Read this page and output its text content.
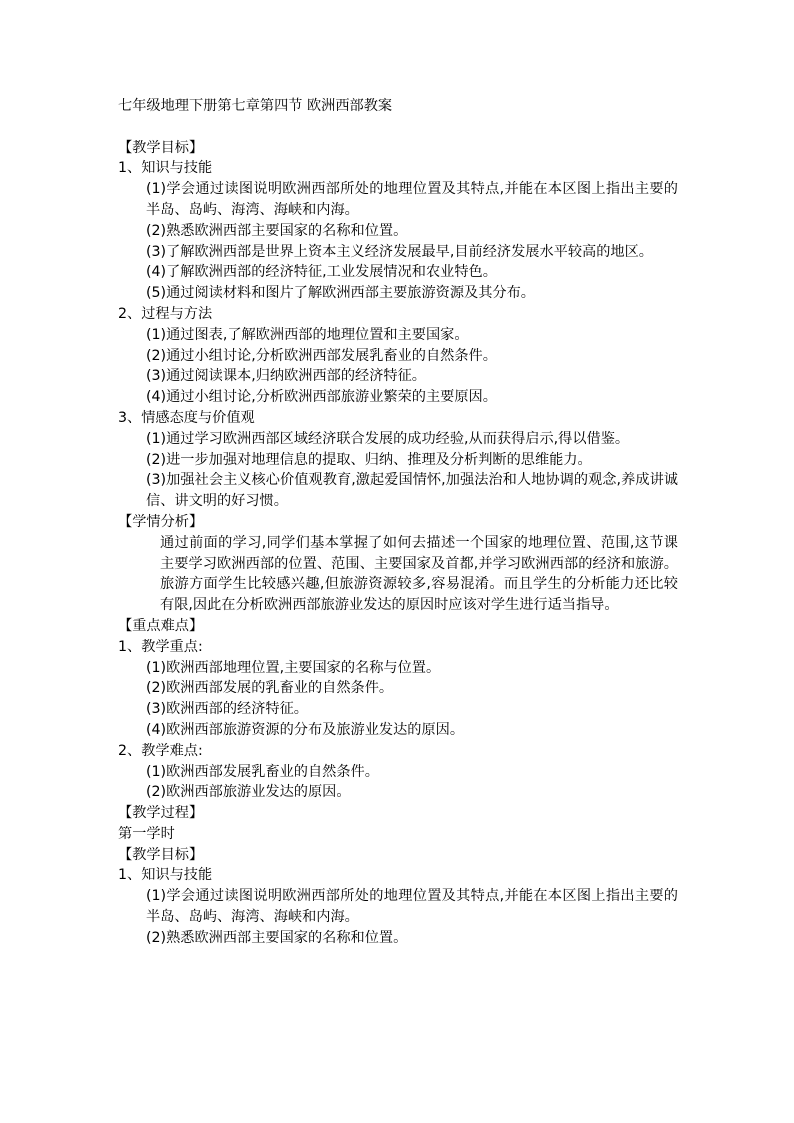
七年级地理下册第七章第四节 欧洲西部教案

【教学目标】

1、知识与技能

(1)学会通过读图说明欧洲西部所处的地理位置及其特点,并能在本区图上指出主要的半岛、岛屿、海湾、海峡和内海。

(2)熟悉欧洲西部主要国家的名称和位置。

(3)了解欧洲西部是世界上资本主义经济发展最早,目前经济发展水平较高的地区。

(4)了解欧洲西部的经济特征,工业发展情况和农业特色。

(5)通过阅读材料和图片了解欧洲西部主要旅游资源及其分布。

2、过程与方法

(1)通过图表,了解欧洲西部的地理位置和主要国家。

(2)通过小组讨论,分析欧洲西部发展乳畜业的自然条件。

(3)通过阅读课本,归纳欧洲西部的经济特征。

(4)通过小组讨论,分析欧洲西部旅游业繁荣的主要原因。

3、情感态度与价值观

(1)通过学习欧洲西部区域经济联合发展的成功经验,从而获得启示,得以借鉴。

(2)进一步加强对地理信息的提取、归纳、推理及分析判断的思维能力。

(3)加强社会主义核心价值观教育,激起爱国情怀,加强法治和人地协调的观念,养成讲诚信、讲文明的好习惯。

【学情分析】

通过前面的学习,同学们基本掌握了如何去描述一个国家的地理位置、范围,这节课主要学习欧洲西部的位置、范围、主要国家及首都,并学习欧洲西部的经济和旅游。旅游方面学生比较感兴趣,但旅游资源较多,容易混淆。而且学生的分析能力还比较有限,因此在分析欧洲西部旅游业发达的原因时应该对学生进行适当指导。

【重点难点】

1、教学重点:

(1)欧洲西部地理位置,主要国家的名称与位置。

(2)欧洲西部发展的乳畜业的自然条件。

(3)欧洲西部的经济特征。

(4)欧洲西部旅游资源的分布及旅游业发达的原因。

2、教学难点:

(1)欧洲西部发展乳畜业的自然条件。

(2)欧洲西部旅游业发达的原因。

【教学过程】

第一学时

【教学目标】

1、知识与技能

(1)学会通过读图说明欧洲西部所处的地理位置及其特点,并能在本区图上指出主要的半岛、岛屿、海湾、海峡和内海。

(2)熟悉欧洲西部主要国家的名称和位置。
